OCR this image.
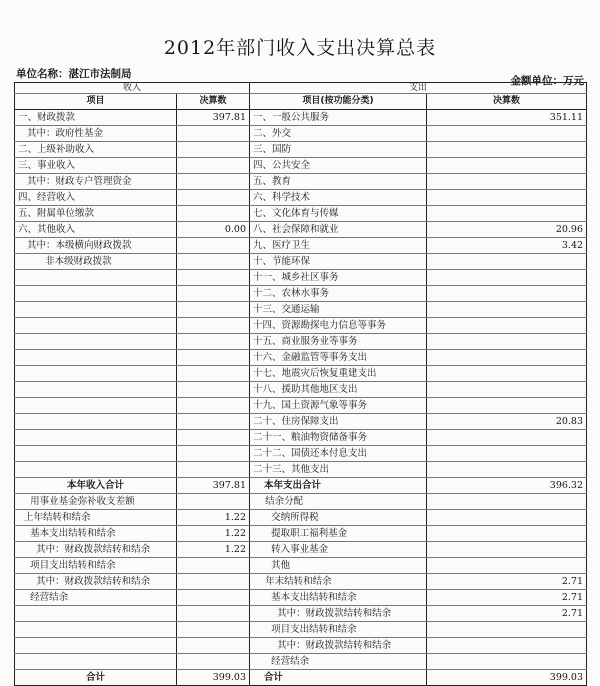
2012年部门收入支出决算总表
单位名称：湛江市法制局
金额单位：万元
收入		支出	
项目	决算数	项目(按功能分类)	决算数
一、财政拨款	397.81	一、一般公共服务	351.11
其中：政府性基金		二、外交	
二、上级补助收入		三、国防	
三、事业收入		四、公共安全	
其中：财政专户管理资金		五、教育	
四、经营收入		六、科学技术	
五、附属单位缴款		七、文化体育与传媒	
六、其他收入	0.00	八、社会保障和就业	20.96
其中：本级横向财政拨款		九、医疗卫生	3.42
非本级财政拨款		十、节能环保	
		十一、城乡社区事务	
		十二、农林水事务	
		十三、交通运输	
		十四、资源勘探电力信息等事务	
		十五、商业服务业等事务	
		十六、金融监管等事务支出	
		十七、地震灾后恢复重建支出	
		十八、援助其他地区支出	
		十九、国土资源气象等事务	
		二十、住房保障支出	20.83
		二十一、粮油物资储备事务	
		二十二、国债还本付息支出	
		二十三、其他支出	
本年收入合计	397.81	本年支出合计	396.32
用事业基金弥补收支差额		结余分配	
上年结转和结余	1.22	交纳所得税	
基本支出结转和结余	1.22	提取职工福利基金	
其中：财政拨款结转和结余	1.22	转入事业基金	
项目支出结转和结余		其他	
其中：财政拨款结转和结余		年末结转和结余	2.71
经营结余		基本支出结转和结余	2.71
		其中：财政拨款结转和结余	2.71
		项目支出结转和结余	
		其中：财政拨款结转和结余	
		经营结余	
合计	399.03	合计	399.03
